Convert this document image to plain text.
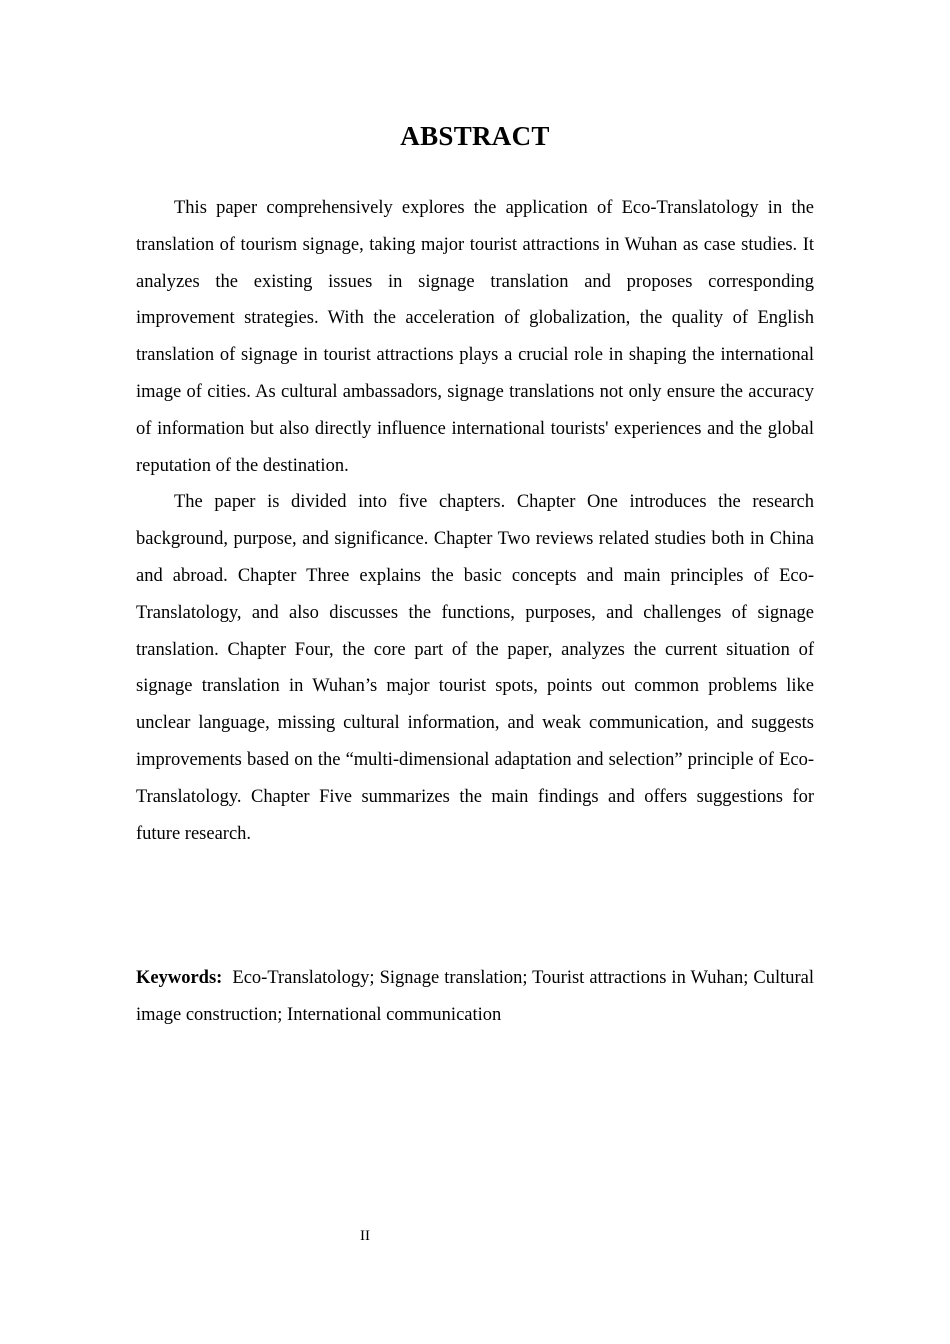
ABSTRACT

This paper comprehensively explores the application of Eco-Translatology in the translation of tourism signage, taking major tourist attractions in Wuhan as case studies. It analyzes the existing issues in signage translation and proposes corresponding improvement strategies. With the acceleration of globalization, the quality of English translation of signage in tourist attractions plays a crucial role in shaping the international image of cities. As cultural ambassadors, signage translations not only ensure the accuracy of information but also directly influence international tourists' experiences and the global reputation of the destination.

The paper is divided into five chapters. Chapter One introduces the research background, purpose, and significance. Chapter Two reviews related studies both in China and abroad. Chapter Three explains the basic concepts and main principles of Eco-Translatology, and also discusses the functions, purposes, and challenges of signage translation. Chapter Four, the core part of the paper, analyzes the current situation of signage translation in Wuhan’s major tourist spots, points out common problems like unclear language, missing cultural information, and weak communication, and suggests improvements based on the “multi-dimensional adaptation and selection” principle of Eco-Translatology. Chapter Five summarizes the main findings and offers suggestions for future research.

Keywords: Eco-Translatology; Signage translation; Tourist attractions in Wuhan; Cultural image construction; International communication

II
